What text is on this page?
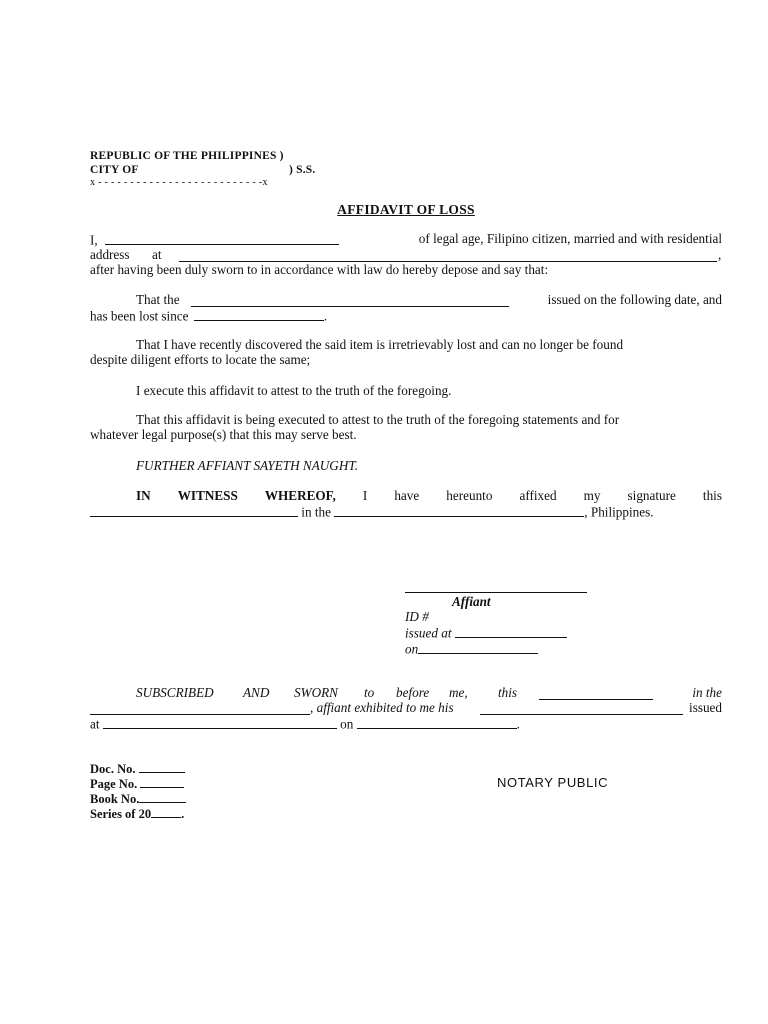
REPUBLIC OF THE PHILIPPINES )
CITY OF	) S.S.
x - - - - - - - - - - - - - - - - - - - - - - - - - -x
AFFIDAVIT OF LOSS
I,	of legal age, Filipino citizen, married and with residential
address at	,
after having been duly sworn to in accordance with law do hereby depose and say that:
That the	issued on the following date, and
has been lost since	.
That I have recently discovered the said item is irretrievably lost and can no longer be found
despite diligent efforts to locate the same;
I execute this affidavit to attest to the truth of the foregoing.
That this affidavit is being executed to attest to the truth of the foregoing statements and for
whatever legal purpose(s) that this may serve best.
FURTHER AFFIANT SAYETH NAUGHT.
IN WITNESS WHEREOF, I have hereunto affixed my signature this
in the	, Philippines.
Affiant
ID #
issued at
on
SUBSCRIBED AND SWORN to before me, this	in the
, affiant exhibited to me his	issued
at	on	.
Doc. No.
Page No.
Book No.
Series of 20 .
NOTARY PUBLIC
